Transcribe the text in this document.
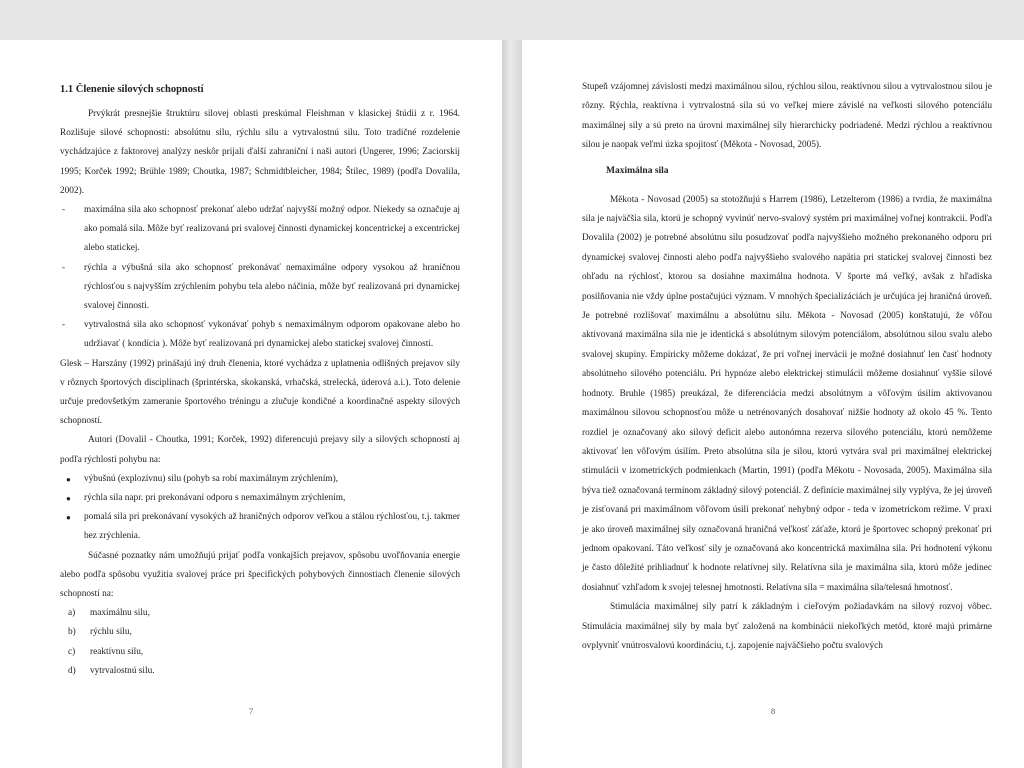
1.1 Členenie silových schopností

Prvýkrát presnejšie štruktúru silovej oblasti preskúmal Fleishman v klasickej štúdii z r. 1964. Rozlišuje silové schopnosti: absolútnu silu, rýchlu silu a vytrvalostnú silu. Toto tradičné rozdelenie vychádzajúce z faktorovej analýzy neskôr prijali ďalší zahraniční i naši autori (Ungerer, 1996; Zaciorskij 1995; Korček 1992; Brühle 1989; Choutka, 1987; Schmidtbleicher, 1984; Štilec, 1989) (podľa Dovalila, 2002).

- maximálna sila ako schopnosť prekonať alebo udržať najvyšší možný odpor. Niekedy sa označuje aj ako pomalá sila. Môže byť realizovaná pri svalovej činnosti dynamickej koncentrickej a excentrickej alebo statickej.
- rýchla a výbušná sila ako schopnosť prekonávať nemaximálne odpory vysokou až hraničnou rýchlosťou s najvyšším zrýchlením pohybu tela alebo náčinia, môže byť realizovaná pri dynamickej svalovej činnosti.
- vytrvalostná sila ako schopnosť vykonávať pohyb s nemaximálnym odporom opakovane alebo ho udržiavať ( kondícia ). Môže byť realizovaná pri dynamickej alebo statickej svalovej činnosti.

Glesk – Harszány (1992) prinášajú iný druh členenia, ktoré vychádza z uplatnenia odlišných prejavov sily v rôznych športových disciplínach (šprintérska, skokanská, vrhačská, strelecká, úderová a.i.). Toto delenie určuje predovšetkým zameranie športového tréningu a zlučuje kondičné a koordinačné aspekty silových schopností.

Autori (Dovalil - Choutka, 1991; Korček, 1992) diferencujú prejavy sily a silových schopností aj podľa rýchlosti pohybu na:

● výbušnú (explozívnu) silu (pohyb sa robí maximálnym zrýchlením),
● rýchla sila napr. pri prekonávaní odporu s nemaximálnym zrýchlením,
● pomalá sila pri prekonávaní vysokých až hraničných odporov veľkou a stálou rýchlosťou, t.j. takmer bez zrýchlenia.

Súčasné poznatky nám umožňujú prijať podľa vonkajších prejavov, spôsobu uvoľňovania energie alebo podľa spôsobu využitia svalovej práce pri špecifických pohybových činnostiach členenie silových schopností na:

a) maximálnu silu,
b) rýchlu silu,
c) reaktívnu silu,
d) vytrvalostnú silu.
7

Stupeň vzájomnej závislosti medzi maximálnou silou, rýchlou silou, reaktívnou silou a vytrvalostnou silou je rôzny. Rýchla, reaktívna i vytrvalostná sila sú vo veľkej miere závislé na veľkosti silového potenciálu maximálnej sily a sú preto na úrovni maximálnej sily hierarchicky podriadené. Medzi rýchlou a reaktívnou silou je naopak veľmi úzka spojitosť (Mĕkota - Novosad, 2005).

Maximálna sila

Mĕkota - Novosad (2005) sa stotožňujú s Harrem (1986), Letzelterom (1986) a tvrdia, že maximálna sila je najväčšia sila, ktorú je schopný vyvinúť nervo-svalový systém pri maximálnej voľnej kontrakcii. Podľa Dovalila (2002) je potrebné absolútnu silu posudzovať podľa najvyššieho možného prekonaného odporu pri dynamickej svalovej činnosti alebo podľa najvyššieho svalového napätia pri statickej svalovej činnosti bez ohľadu na rýchlosť, ktorou sa dosiahne maximálna hodnota. V športe má veľký, avšak z hľadiska posilňovania nie vždy úplne postačujúci význam. V mnohých špecializáciách je určujúca jej hraničná úroveň. Je potrebné rozlišovať maximálnu a absolútnu silu. Mĕkota - Novosad (2005) konštatujú, že vôľou aktivovaná maximálna sila nie je identická s absolútnym silovým potenciálom, absolútnou silou svalu alebo svalovej skupiny. Empiricky môžeme dokázať, že pri voľnej inervácii je možné dosiahnuť len časť hodnoty absolútneho silového potenciálu. Pri hypnóze alebo elektrickej stimulácii môžeme dosiahnuť vyššie silové hodnoty. Bruhle (1985) preukázal, že diferenciácia medzi absolútnym a vôľovým úsilím aktivovanou maximálnou silovou schopnosťou môže u netrénovaných dosahovať nižšie hodnoty až okolo 45 %. Tento rozdiel je označovaný ako silový deficit alebo autonómna rezerva silového potenciálu, ktorú nemôžeme aktivovať len vôľovým úsilím. Preto absolútna sila je silou, ktorú vytvára sval pri maximálnej elektrickej stimulácii v izometrických podmienkach (Martin, 1991) (podľa Mĕkotu - Novosada, 2005). Maximálna sila býva tiež označovaná termínom základný silový potenciál. Z definície maximálnej sily vyplýva, že jej úroveň je zisťovaná pri maximálnom vôľovom úsilí prekonať nehybný odpor - teda v izometrickom režime. V praxi je ako úroveň maximálnej sily označovaná hraničná veľkosť záťaže, ktorú je športovec schopný prekonať pri jednom opakovaní. Táto veľkosť sily je označovaná ako koncentrická maximálna sila. Pri hodnotení výkonu je často dôležité prihliadnuť k hodnote relatívnej sily. Relatívna sila je maximálna sila, ktorú môže jedinec dosiahnuť vzhľadom k svojej telesnej hmotnosti. Relatívna sila = maximálna sila/telesná hmotnosť.

Stimulácia maximálnej sily patrí k základným i cieľovým požiadavkám na silový rozvoj vôbec. Stimulácia maximálnej sily by mala byť založená na kombinácii niekoľkých metód, ktoré majú primárne ovplyvniť vnútrosvalovú koordináciu, t.j. zapojenie najväčšieho počtu svalových

8
